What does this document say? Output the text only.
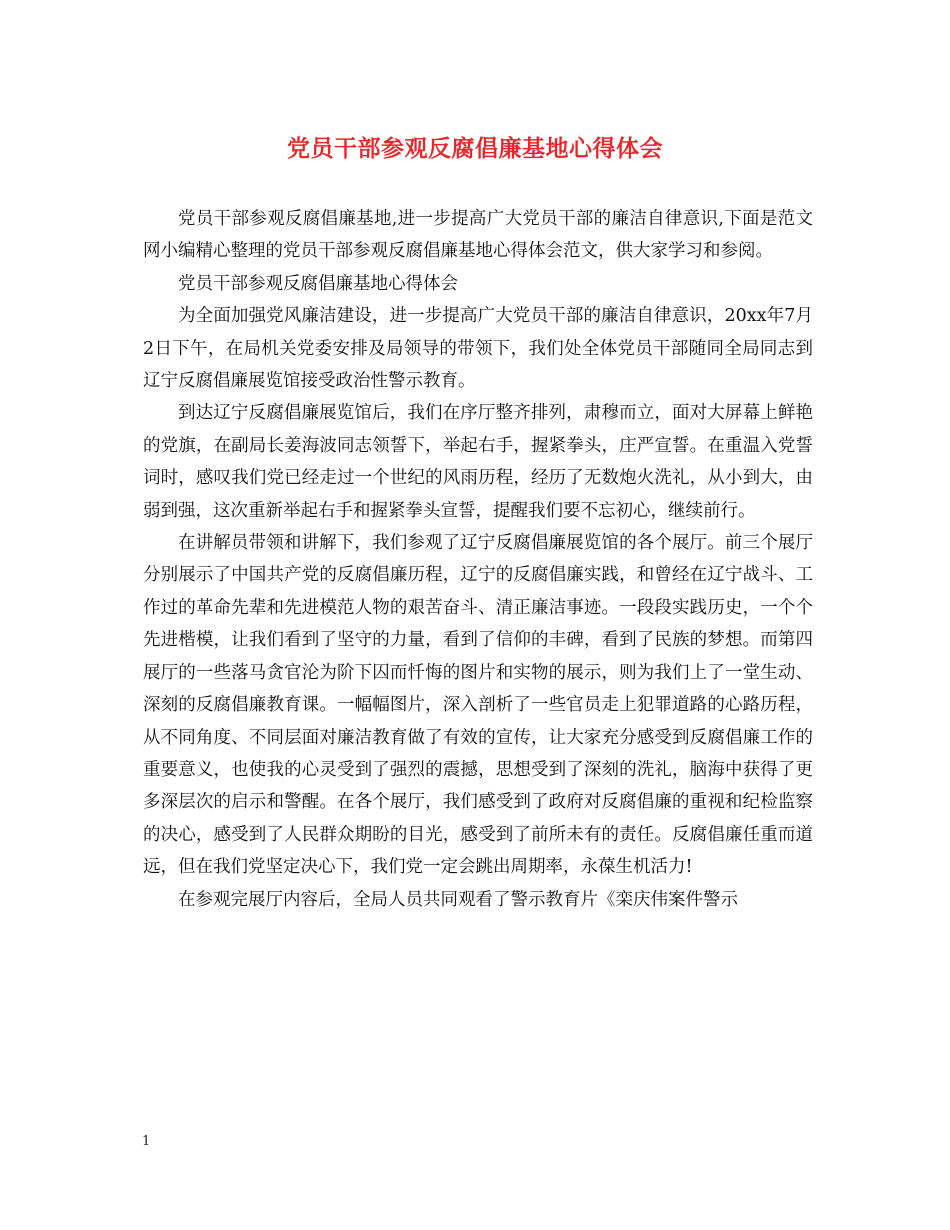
党员干部参观反腐倡廉基地心得体会

党员干部参观反腐倡廉基地,进一步提高广大党员干部的廉洁自律意识,下面是范文网小编精心整理的党员干部参观反腐倡廉基地心得体会范文，供大家学习和参阅。

党员干部参观反腐倡廉基地心得体会

为全面加强党风廉洁建设，进一步提高广大党员干部的廉洁自律意识，20xx年7月2日下午，在局机关党委安排及局领导的带领下，我们处全体党员干部随同全局同志到辽宁反腐倡廉展览馆接受政治性警示教育。

到达辽宁反腐倡廉展览馆后，我们在序厅整齐排列，肃穆而立，面对大屏幕上鲜艳的党旗，在副局长姜海波同志领誓下，举起右手，握紧拳头，庄严宣誓。在重温入党誓词时，感叹我们党已经走过一个世纪的风雨历程，经历了无数炮火洗礼，从小到大，由弱到强，这次重新举起右手和握紧拳头宣誓，提醒我们要不忘初心，继续前行。

在讲解员带领和讲解下，我们参观了辽宁反腐倡廉展览馆的各个展厅。前三个展厅分别展示了中国共产党的反腐倡廉历程，辽宁的反腐倡廉实践，和曾经在辽宁战斗、工作过的革命先辈和先进模范人物的艰苦奋斗、清正廉洁事迹。一段段实践历史，一个个先进楷模，让我们看到了坚守的力量，看到了信仰的丰碑，看到了民族的梦想。而第四展厅的一些落马贪官沦为阶下囚而忏悔的图片和实物的展示，则为我们上了一堂生动、深刻的反腐倡廉教育课。一幅幅图片，深入剖析了一些官员走上犯罪道路的心路历程，从不同角度、不同层面对廉洁教育做了有效的宣传，让大家充分感受到反腐倡廉工作的重要意义，也使我的心灵受到了强烈的震撼，思想受到了深刻的洗礼，脑海中获得了更多深层次的启示和警醒。在各个展厅，我们感受到了政府对反腐倡廉的重视和纪检监察的决心，感受到了人民群众期盼的目光，感受到了前所未有的责任。反腐倡廉任重而道远，但在我们党坚定决心下，我们党一定会跳出周期率，永葆生机活力!

在参观完展厅内容后，全局人员共同观看了警示教育片《栾庆伟案件警示

1
